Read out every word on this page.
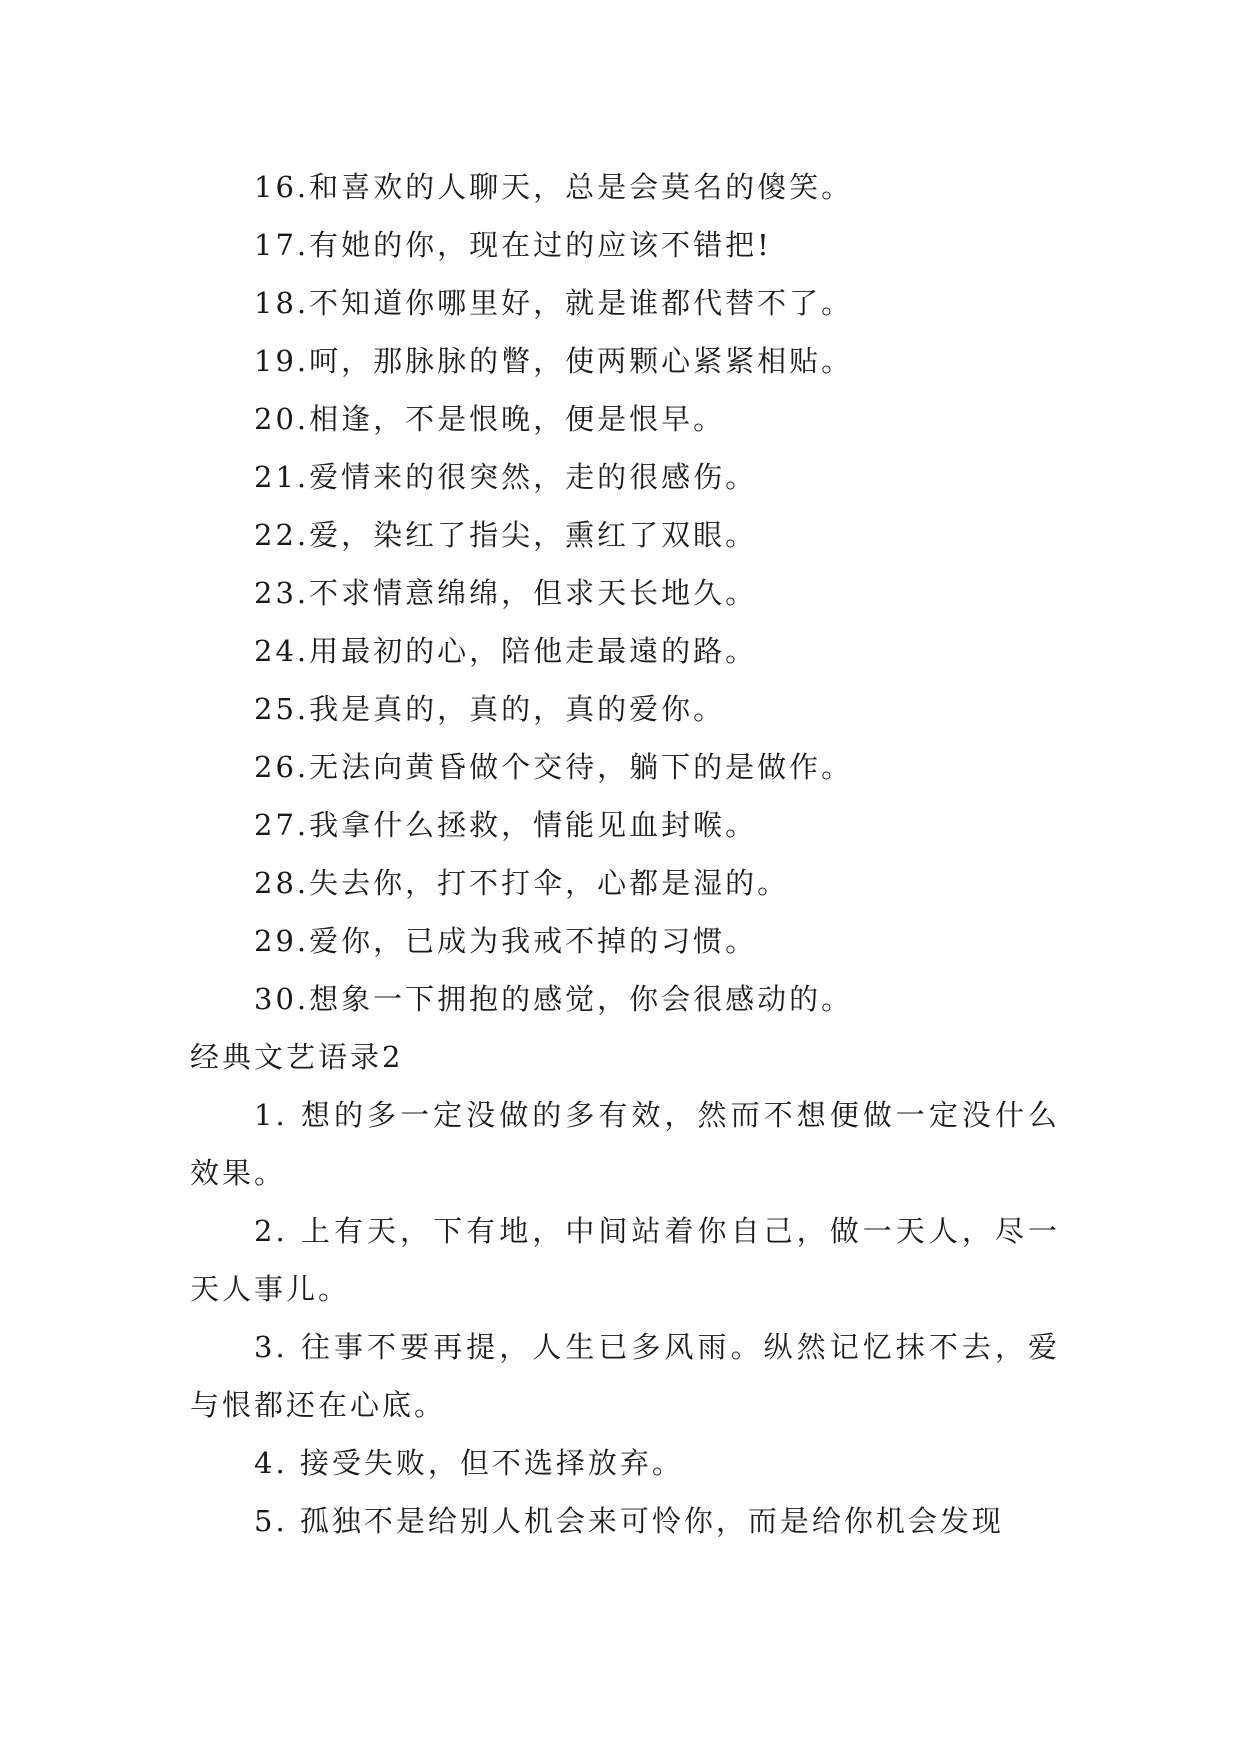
16.和喜欢的人聊天，总是会莫名的傻笑。
17.有她的你，现在过的应该不错把!
18.不知道你哪里好，就是谁都代替不了。
19.呵，那脉脉的瞥，使两颗心紧紧相贴。
20.相逢，不是恨晚，便是恨早。
21.爱情来的很突然，走的很感伤。
22.爱，染红了指尖，熏红了双眼。
23.不求情意绵绵，但求天长地久。
24.用最初的心，陪他走最遠的路。
25.我是真的，真的，真的爱你。
26.无法向黄昏做个交待，躺下的是做作。
27.我拿什么拯救，情能见血封喉。
28.失去你，打不打伞，心都是湿的。
29.爱你，已成为我戒不掉的习惯。
30.想象一下拥抱的感觉，你会很感动的。
经典文艺语录2

1. 想的多一定没做的多有效，然而不想便做一定没什么效果。

2. 上有天，下有地，中间站着你自己，做一天人，尽一天人事儿。

3. 往事不要再提，人生已多风雨。纵然记忆抹不去，爱与恨都还在心底。

4. 接受失败，但不选择放弃。

5. 孤独不是给别人机会来可怜你，而是给你机会发现
